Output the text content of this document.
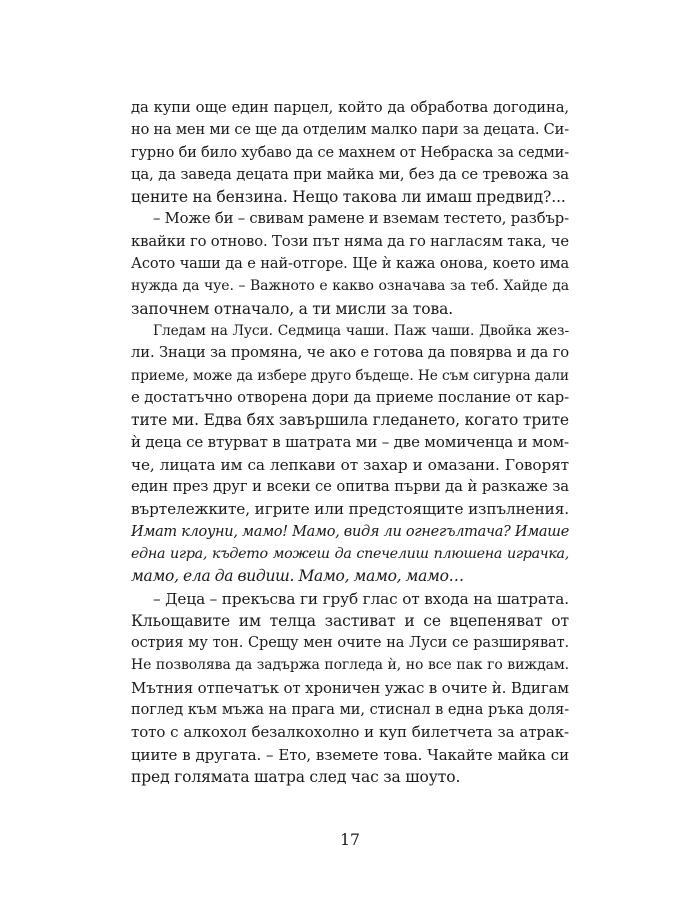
да купи още един парцел, който да обработва догодина,
но на мен ми се ще да отделим малко пари за децата. Си-
гурно би било хубаво да се махнем от Небраска за седми-
ца, да заведа децата при майка ми, без да се тревожа за
цените на бензина. Нещо такова ли имаш предвид?...
– Може би – свивам рамене и вземам тестето, разбър-
квайки го отново. Този път няма да го нагласям така, че
Асото чаши да е най-отгоре. Ще ѝ кажа онова, което има
нужда да чуе. – Важното е какво означава за теб. Хайде да
започнем отначало, а ти мисли за това.
Гледам на Луси. Седмица чаши. Паж чаши. Двойка жез-
ли. Знаци за промяна, че ако е готова да повярва и да го
приеме, може да избере друго бъдеще. Не съм сигурна дали
е достатъчно отворена дори да приеме послание от кар-
тите ми. Едва бях завършила гледането, когато трите
ѝ деца се втурват в шатрата ми – две момиченца и мом-
че, лицата им са лепкави от захар и омазани. Говорят
един през друг и всеки се опитва първи да ѝ разкаже за
въртележките, игрите или предстоящите изпълнения.
Имат клоуни, мамо! Мамо, видя ли огнегълтача? Имаше
една игра, където можеш да спечелиш плюшена играчка,
мамо, ела да видиш. Мамо, мамо, мамо…
– Деца – прекъсва ги груб глас от входа на шатрата.
Кльощавите им телца застиват и се вцепеняват от
острия му тон. Срещу мен очите на Луси се разширяват.
Не позволява да задържа погледа ѝ, но все пак го виждам.
Мътния отпечатък от хроничен ужас в очите ѝ. Вдигам
поглед към мъжа на прага ми, стиснал в една ръка доля-
тото с алкохол безалкохолно и куп билетчета за атрак-
циите в другата. – Ето, вземете това. Чакайте майка си
пред голямата шатра след час за шоуто.
17
